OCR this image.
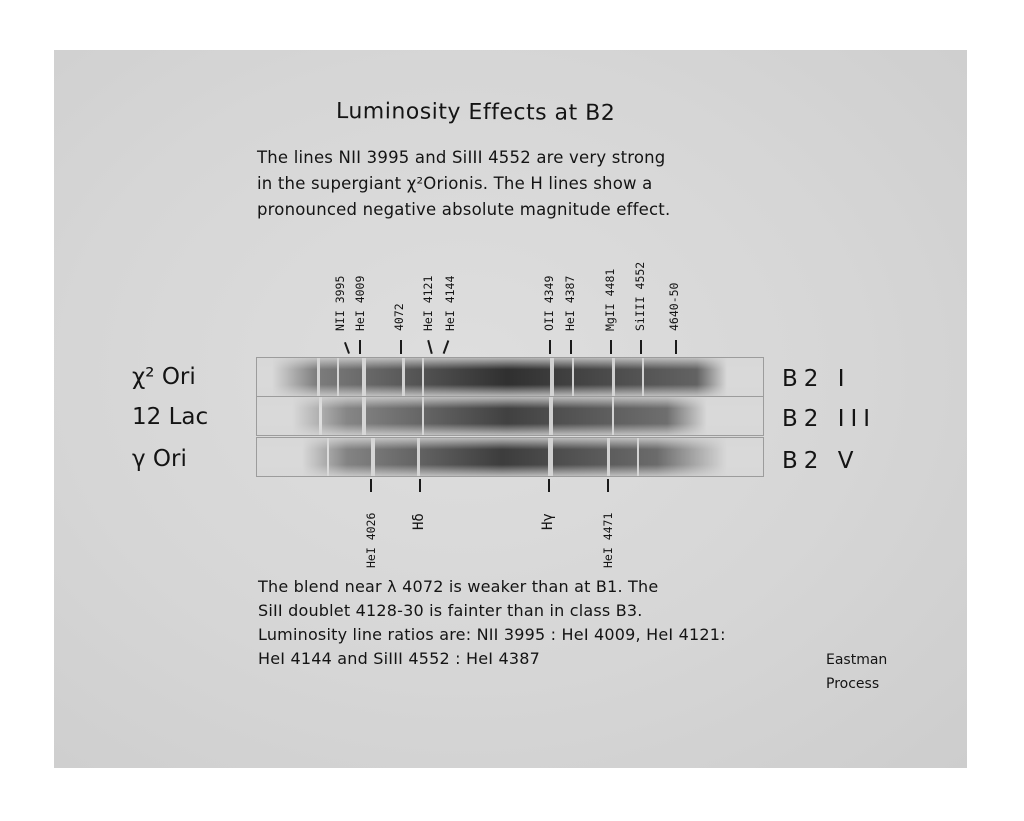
Luminosity Effects at B2
The lines NII 3995 and SiIII 4552 are very strong
in the supergiant χ²Orionis. The H lines show a
pronounced negative absolute magnitude effect.
χ² Ori
12 Lac
γ Ori
B2 I
B2 III
B2 V
NII 3995 HeI 4009 4072 HeI 4121 HeI 4144	OII 4349 HeI 4387 MgII 4481 SiIII 4552 4640-50
HeI 4026 Hδ	Hγ	HeI 4471
The blend near λ 4072 is weaker than at B1. The
SiII doublet 4128-30 is fainter than in class B3.
Luminosity line ratios are: NII 3995 : HeI 4009, HeI 4121:
HeI 4144 and SiIII 4552 : HeI 4387	Eastman
Process
